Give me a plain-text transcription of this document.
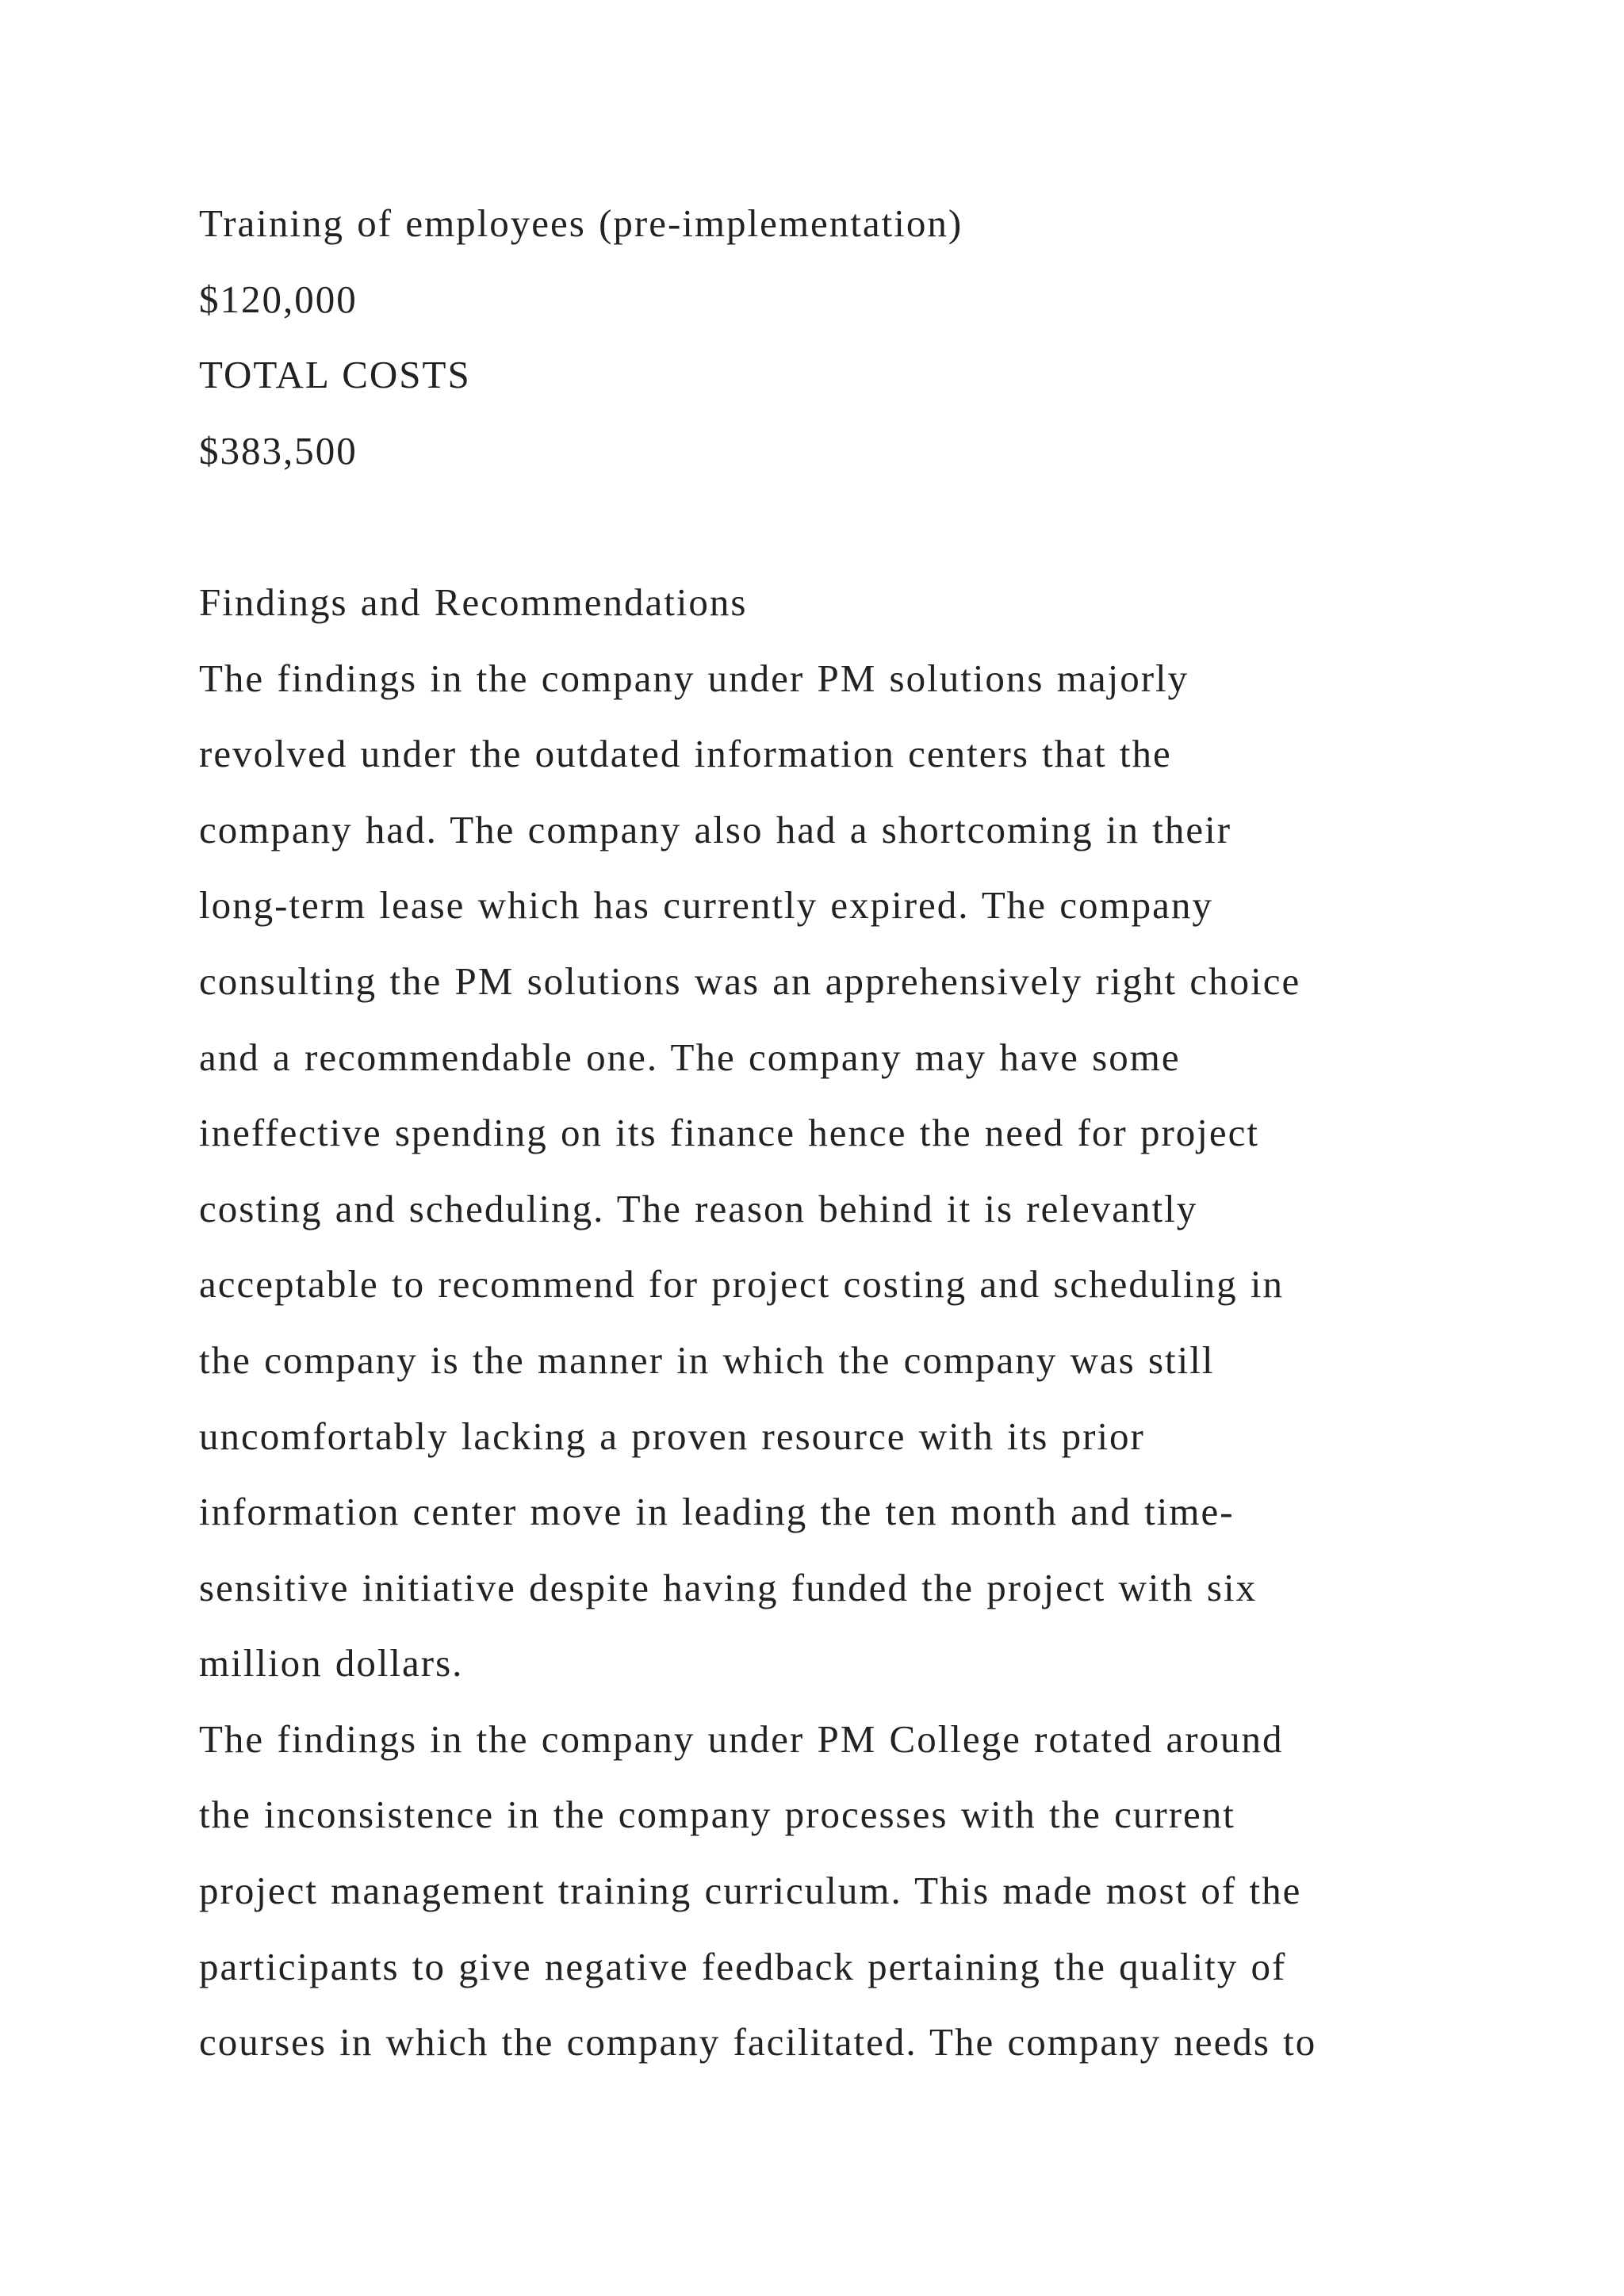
Training of employees (pre-implementation)
$120,000
TOTAL COSTS
$383,500
Findings and Recommendations
The findings in the company under PM solutions majorly
revolved under the outdated information centers that the
company had. The company also had a shortcoming in their
long-term lease which has currently expired. The company
consulting the PM solutions was an apprehensively right choice
and a recommendable one. The company may have some
ineffective spending on its finance hence the need for project
costing and scheduling. The reason behind it is relevantly
acceptable to recommend for project costing and scheduling in
the company is the manner in which the company was still
uncomfortably lacking a proven resource with its prior
information center move in leading the ten month and time-
sensitive initiative despite having funded the project with six
million dollars.
The findings in the company under PM College rotated around
the inconsistence in the company processes with the current
project management training curriculum. This made most of the
participants to give negative feedback pertaining the quality of
courses in which the company facilitated. The company needs to
